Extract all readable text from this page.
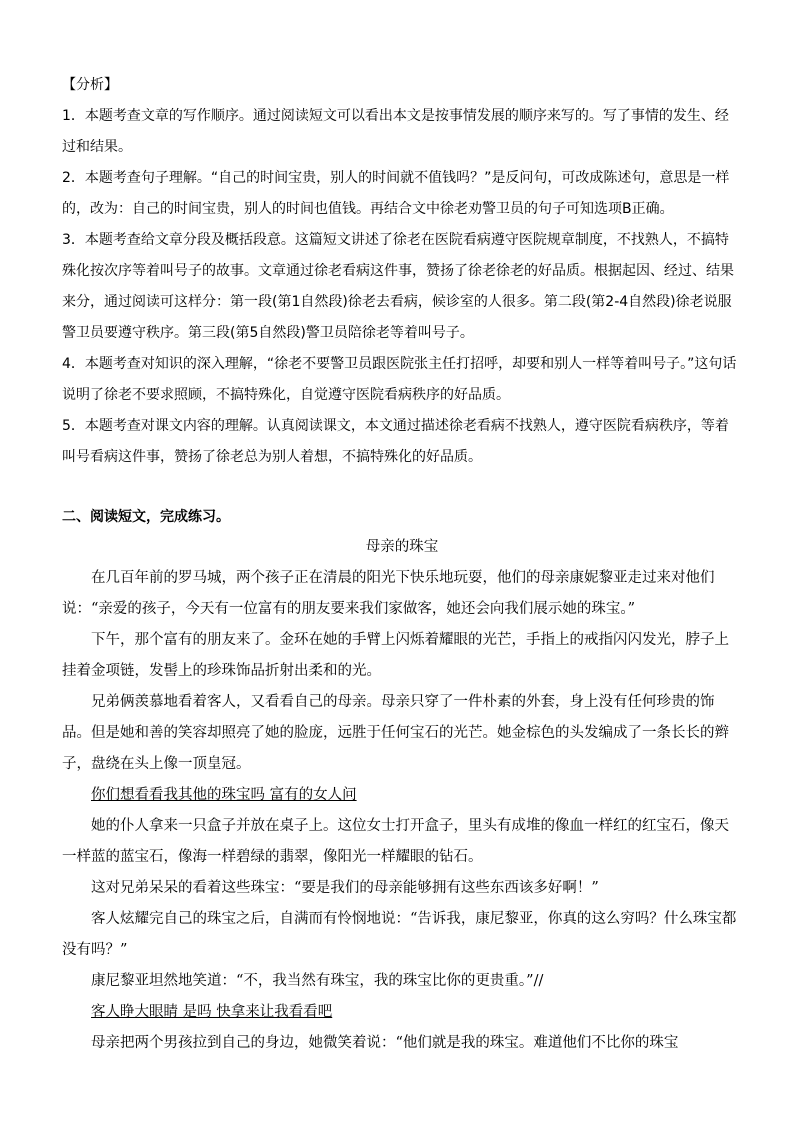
【分析】

1．本题考查文章的写作顺序。通过阅读短文可以看出本文是按事情发展的顺序来写的。写了事情的发生、经过和结果。

2．本题考查句子理解。“自己的时间宝贵，别人的时间就不值钱吗？”是反问句，可改成陈述句，意思是一样的，改为：自己的时间宝贵，别人的时间也值钱。再结合文中徐老劝警卫员的句子可知选项B正确。

3．本题考查给文章分段及概括段意。这篇短文讲述了徐老在医院看病遵守医院规章制度，不找熟人，不搞特殊化按次序等着叫号子的故事。文章通过徐老看病这件事，赞扬了徐老徐老的好品质。根据起因、经过、结果来分，通过阅读可这样分：第一段(第1自然段)徐老去看病，候诊室的人很多。第二段(第2-4自然段)徐老说服警卫员要遵守秩序。第三段(第5自然段)警卫员陪徐老等着叫号子。

4．本题考查对知识的深入理解，“徐老不要警卫员跟医院张主任打招呼，却要和别人一样等着叫号子。”这句话说明了徐老不要求照顾，不搞特殊化，自觉遵守医院看病秩序的好品质。

5．本题考查对课文内容的理解。认真阅读课文，本文通过描述徐老看病不找熟人，遵守医院看病秩序，等着叫号看病这件事，赞扬了徐老总为别人着想，不搞特殊化的好品质。

二、阅读短文，完成练习。

母亲的珠宝

在几百年前的罗马城，两个孩子正在清晨的阳光下快乐地玩耍，他们的母亲康妮黎亚走过来对他们说：“亲爱的孩子，今天有一位富有的朋友要来我们家做客，她还会向我们展示她的珠宝。”

下午，那个富有的朋友来了。金环在她的手臂上闪烁着耀眼的光芒，手指上的戒指闪闪发光，脖子上挂着金项链，发髻上的珍珠饰品折射出柔和的光。

兄弟俩羡慕地看着客人，又看看自己的母亲。母亲只穿了一件朴素的外套，身上没有任何珍贵的饰品。但是她和善的笑容却照亮了她的脸庞，远胜于任何宝石的光芒。她金棕色的头发编成了一条长长的辫子，盘绕在头上像一顶皇冠。

你们想看看我其他的珠宝吗 富有的女人问

她的仆人拿来一只盒子并放在桌子上。这位女士打开盒子，里头有成堆的像血一样红的红宝石，像天一样蓝的蓝宝石，像海一样碧绿的翡翠，像阳光一样耀眼的钻石。

这对兄弟呆呆的看着这些珠宝：“要是我们的母亲能够拥有这些东西该多好啊！”

客人炫耀完自己的珠宝之后，自满而有怜悯地说：“告诉我，康尼黎亚，你真的这么穷吗？什么珠宝都没有吗？”

康尼黎亚坦然地笑道：“不，我当然有珠宝，我的珠宝比你的更贵重。”//

客人睁大眼睛 是吗 快拿来让我看看吧

母亲把两个男孩拉到自己的身边，她微笑着说：“他们就是我的珠宝。难道他们不比你的珠宝
